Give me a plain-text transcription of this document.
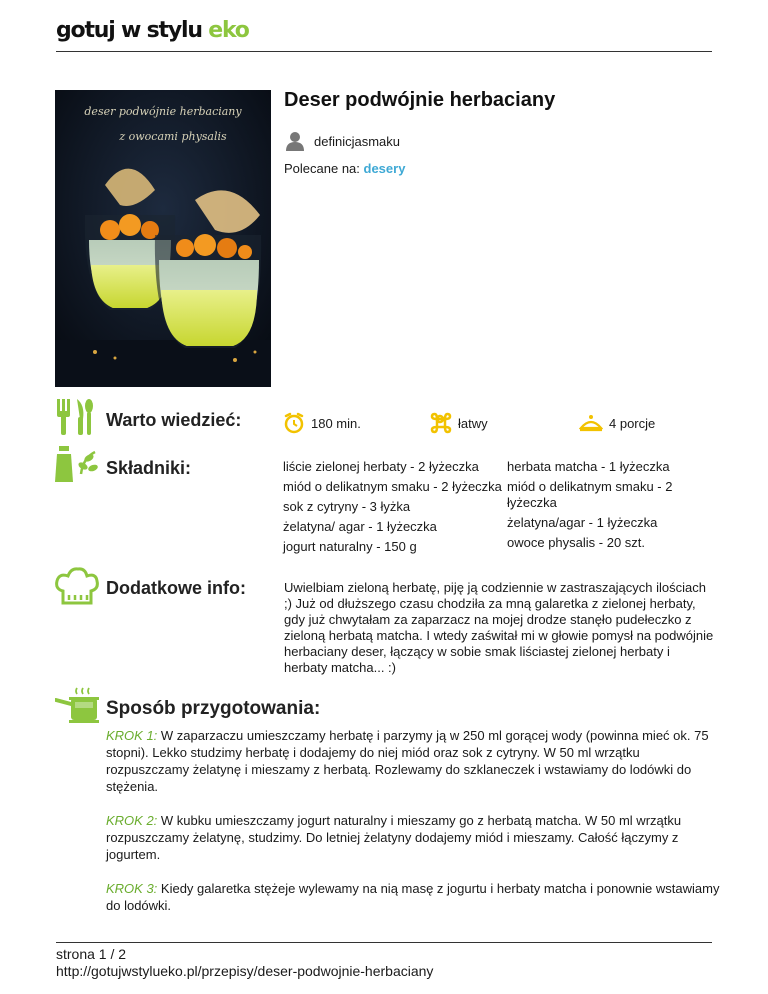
gotuj w stylu eko
deser podwójnie herbaciany
z owocami physalis
Deser podwójnie herbaciany
definicjasmaku
Polecane na: desery
Warto wiedzieć:	180 min.	łatwy	4 porcje
Składniki:	liście zielonej herbaty - 2 łyżeczka
miód o delikatnym smaku - 2 łyżeczka
sok z cytryny - 3 łyżka
żelatyna/ agar - 1 łyżeczka
jogurt naturalny - 150 g
herbata matcha - 1 łyżeczka
miód o delikatnym smaku - 2 łyżeczka
żelatyna/agar - 1 łyżeczka
owoce physalis - 20 szt.
Dodatkowe info:	Uwielbiam zieloną herbatę, piję ją codziennie w zastraszających ilościach ;) Już od dłuższego czasu chodziła za mną galaretka z zielonej herbaty, gdy już chwytałam za zaparzacz na mojej drodze stanęło pudełeczko z zieloną herbatą matcha. I wtedy zaświtał mi w głowie pomysł na podwójnie herbaciany deser, łączący w sobie smak liściastej zielonej herbaty i herbaty matcha... :)

Sposób przygotowania:

KROK 1: W zaparzaczu umieszczamy herbatę i parzymy ją w 250 ml gorącej wody (powinna mieć ok. 75 stopni). Lekko studzimy herbatę i dodajemy do niej miód oraz sok z cytryny. W 50 ml wrzątku rozpuszczamy żelatynę i mieszamy z herbatą. Rozlewamy do szklaneczek i wstawiamy do lodówki do stężenia.

KROK 2: W kubku umieszczamy jogurt naturalny i mieszamy go z herbatą matcha. W 50 ml wrzątku rozpuszczamy żelatynę, studzimy. Do letniej żelatyny dodajemy miód i mieszamy. Całość łączymy z jogurtem.

KROK 3: Kiedy galaretka stężeje wylewamy na nią masę z jogurtu i herbaty matcha i ponownie wstawiamy do lodówki.

strona 1 / 2
http://gotujwstylueko.pl/przepisy/deser-podwojnie-herbaciany
